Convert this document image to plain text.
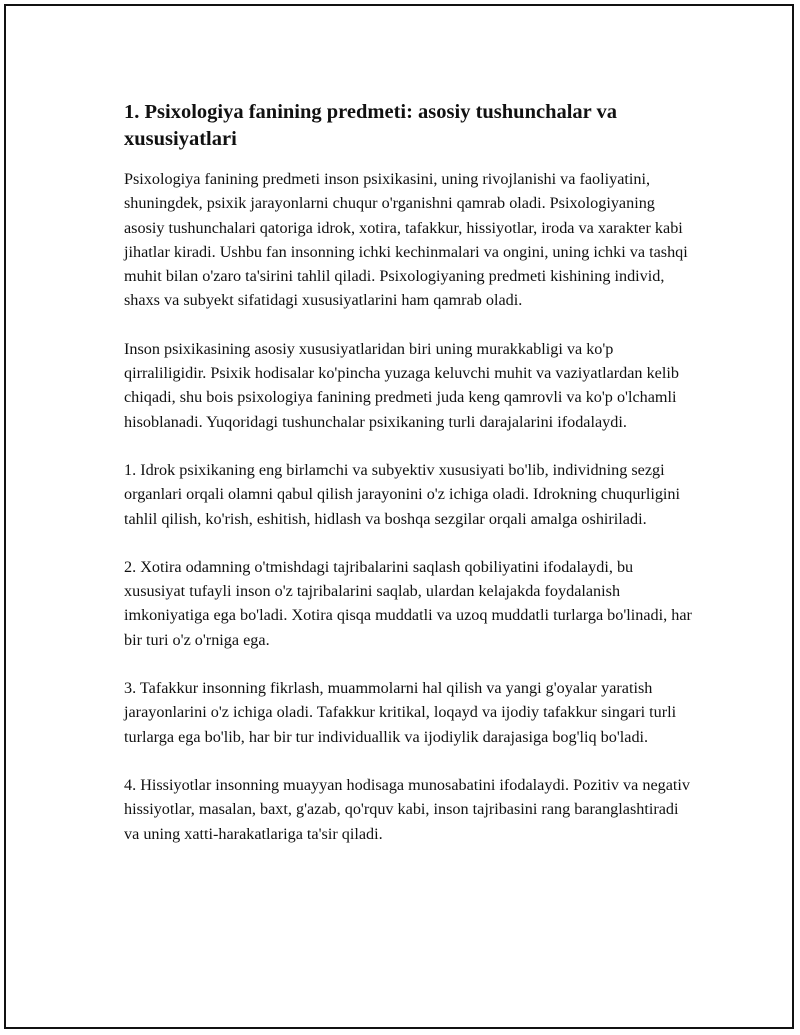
1. Psixologiya fanining predmeti: asosiy tushunchalar va xususiyatlari

Psixologiya fanining predmeti inson psixikasini, uning rivojlanishi va faoliyatini, shuningdek, psixik jarayonlarni chuqur o'rganishni qamrab oladi. Psixologiyaning asosiy tushunchalari qatoriga idrok, xotira, tafakkur, hissiyotlar, iroda va xarakter kabi jihatlar kiradi. Ushbu fan insonning ichki kechinmalari va ongini, uning ichki va tashqi muhit bilan o'zaro ta'sirini tahlil qiladi. Psixologiyaning predmeti kishining individ, shaxs va subyekt sifatidagi xususiyatlarini ham qamrab oladi.

Inson psixikasining asosiy xususiyatlaridan biri uning murakkabligi va ko'p qirraliligidir. Psixik hodisalar ko'pincha yuzaga keluvchi muhit va vaziyatlardan kelib chiqadi, shu bois psixologiya fanining predmeti juda keng qamrovli va ko'p o'lchamli hisoblanadi. Yuqoridagi tushunchalar psixikaning turli darajalarini ifodalaydi.

1. Idrok psixikaning eng birlamchi va subyektiv xususiyati bo'lib, individning sezgi organlari orqali olamni qabul qilish jarayonini o'z ichiga oladi. Idrokning chuqurligini tahlil qilish, ko'rish, eshitish, hidlash va boshqa sezgilar orqali amalga oshiriladi.

2. Xotira odamning o'tmishdagi tajribalarini saqlash qobiliyatini ifodalaydi, bu xususiyat tufayli inson o'z tajribalarini saqlab, ulardan kelajakda foydalanish imkoniyatiga ega bo'ladi. Xotira qisqa muddatli va uzoq muddatli turlarga bo'linadi, har bir turi o'z o'rniga ega.

3. Tafakkur insonning fikrlash, muammolarni hal qilish va yangi g'oyalar yaratish jarayonlarini o'z ichiga oladi. Tafakkur kritikal, loqayd va ijodiy tafakkur singari turli turlarga ega bo'lib, har bir tur individuallik va ijodiylik darajasiga bog'liq bo'ladi.

4. Hissiyotlar insonning muayyan hodisaga munosabatini ifodalaydi. Pozitiv va negativ hissiyotlar, masalan, baxt, g'azab, qo'rquv kabi, inson tajribasini rang baranglashtiradi va uning xatti-harakatlariga ta'sir qiladi.
